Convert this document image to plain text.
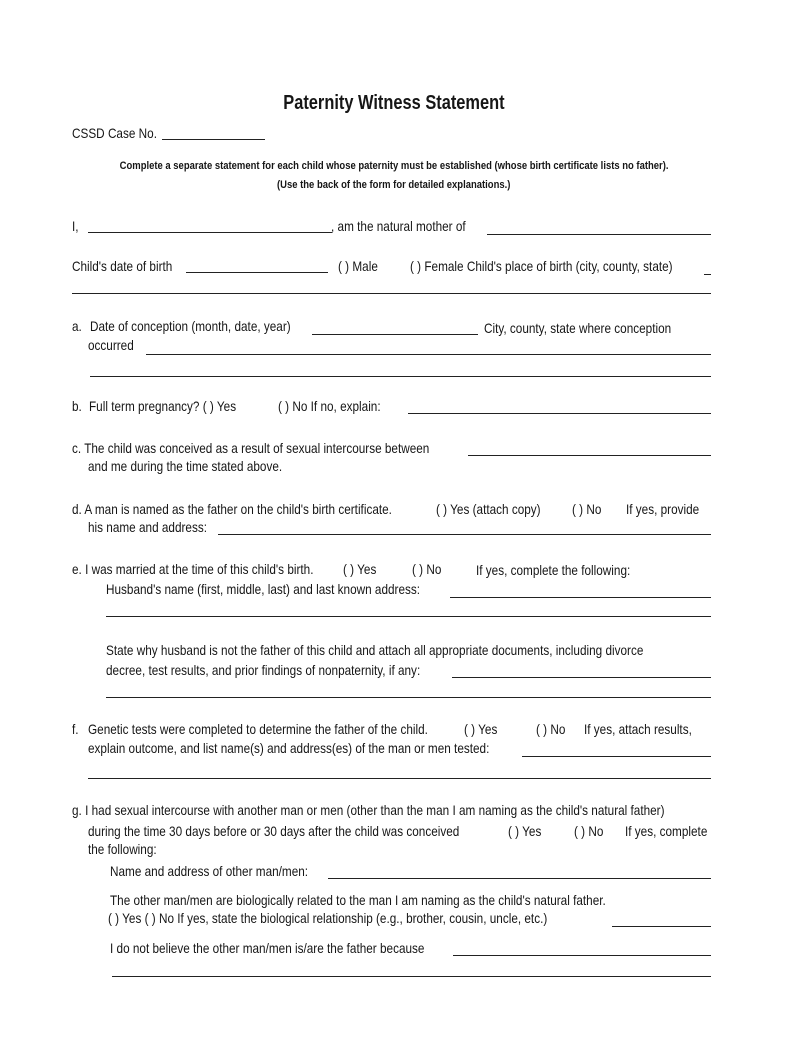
Paternity Witness Statement
CSSD Case No.
Complete a separate statement for each child whose paternity must be established (whose birth certificate lists no father).
(Use the back of the form for detailed explanations.)
I,	, am the natural mother of
Child's date of birth	( ) Male ( ) Female Child's place of birth (city, county, state)
a. Date of conception (month, date, year)	City, county, state where conception
occurred
b. Full term pregnancy? ( ) Yes	( ) No If no, explain:
c. The child was conceived as a result of sexual intercourse between
and me during the time stated above.
d. A man is named as the father on the child's birth certificate.	( ) Yes (attach copy) ( ) No If yes, provide
his name and address:
e. I was married at the time of this child's birth. ( ) Yes	( ) No If yes, complete the following:
Husband's name (first, middle, last) and last known address:
State why husband is not the father of this child and attach all appropriate documents, including divorce
decree, test results, and prior findings of nonpaternity, if any:
f. Genetic tests were completed to determine the father of the child.	( ) Yes	( ) No If yes, attach results,
explain outcome, and list name(s) and address(es) of the man or men tested:
g. I had sexual intercourse with another man or men (other than the man I am naming as the child's natural father)
during the time 30 days before or 30 days after the child was conceived	( ) Yes ( ) No If yes, complete
the following:
Name and address of other man/men:
The other man/men are biologically related to the man I am naming as the child's natural father.
( ) Yes ( ) No If yes, state the biological relationship (e.g., brother, cousin, uncle, etc.)
I do not believe the other man/men is/are the father because
